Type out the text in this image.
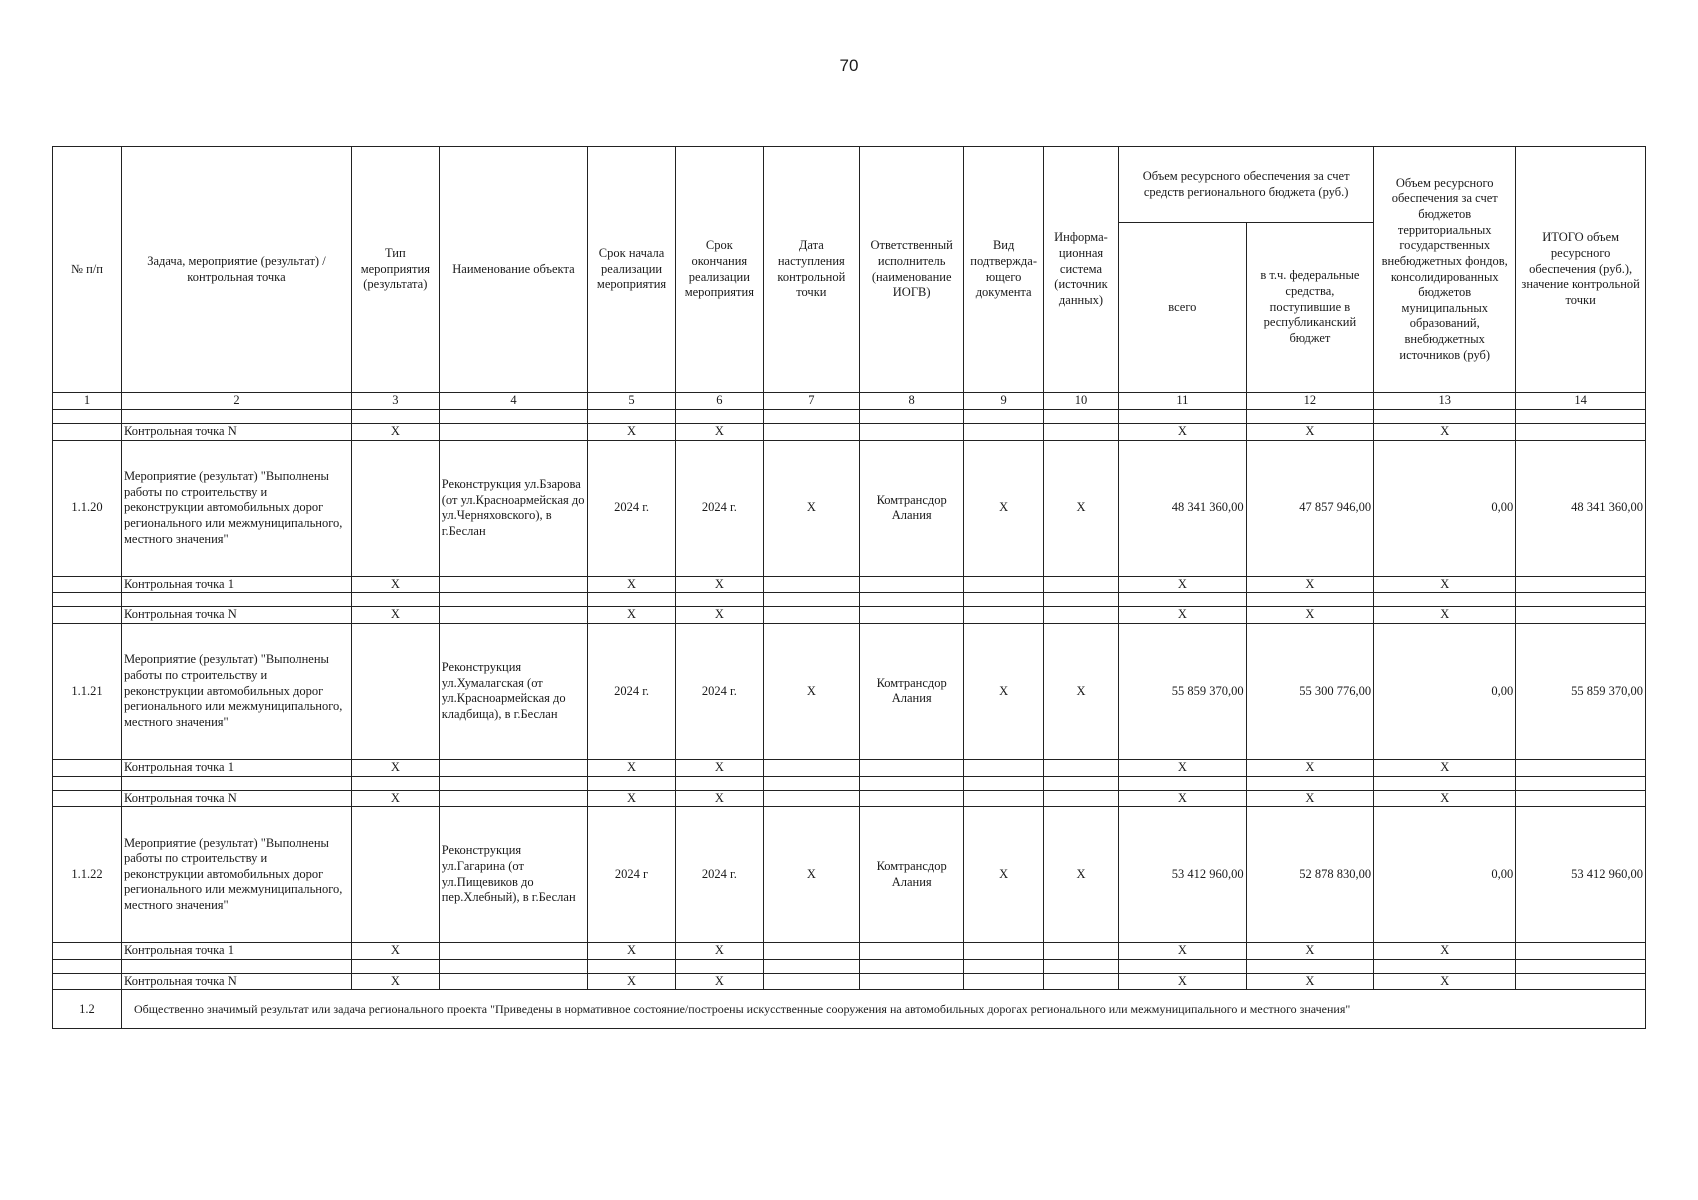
70
№ п/п	Задача, мероприятие (результат) / контрольная точка	Тип мероприятия (результата)	Наименование объекта	Срок начала реализации мероприятия	Срок окончания реализации мероприятия	Дата наступления контрольной точки	Ответственный исполнитель (наименование ИОГВ)	Вид подтвержда-ющего документа	Информа-ционная система (источник данных)	Объем ресурсного обеспечения за счет средств регионального бюджета (руб.)		Объем ресурсного обеспечения за счет бюджетов территориальных государственных внебюджетных фондов, консолидированных бюджетов муниципальных образований, внебюджетных источников (руб)	ИТОГО объем ресурсного обеспечения (руб.), значение контрольной точки
										всего	в т.ч. федеральные средства, поступившие в республиканский бюджет		
1	2	3	4	5	6	7	8	9	10	11	12	13	14

	Контрольная точка N	X		X	X					X	X	X	
1.1.20	Мероприятие (результат) "Выполнены работы по строительству и реконструкции автомобильных дорог регионального или межмуниципального, местного значения"		Реконструкция ул.Бзарова (от ул.Красноармейская до ул.Черняховского), в г.Беслан	2024 г.	2024 г.	X	Комтрансдор Алания	X	X	48 341 360,00	47 857 946,00	0,00	48 341 360,00
	Контрольная точка 1	X		X	X					X	X	X	

	Контрольная точка N	X		X	X					X	X	X	
1.1.21	Мероприятие (результат) "Выполнены работы по строительству и реконструкции автомобильных дорог регионального или межмуниципального, местного значения"		Реконструкция ул.Хумалагская (от ул.Красноармейская до кладбища), в г.Беслан	2024 г.	2024 г.	X	Комтрансдор Алания	X	X	55 859 370,00	55 300 776,00	0,00	55 859 370,00
	Контрольная точка 1	X		X	X					X	X	X	

	Контрольная точка N	X		X	X					X	X	X	
1.1.22	Мероприятие (результат) "Выполнены работы по строительству и реконструкции автомобильных дорог регионального или межмуниципального, местного значения"		Реконструкция ул.Гагарина (от ул.Пищевиков до пер.Хлебный), в г.Беслан	2024 г	2024 г.	X	Комтрансдор Алания	X	X	53 412 960,00	52 878 830,00	0,00	53 412 960,00
	Контрольная точка 1	X		X	X					X	X	X	

	Контрольная точка N	X		X	X					X	X	X	
1.2	Общественно значимый результат или задача регионального проекта "Приведены в нормативное состояние/построены искусственные сооружения на автомобильных дорогах регионального или межмуниципального и местного значения"												
